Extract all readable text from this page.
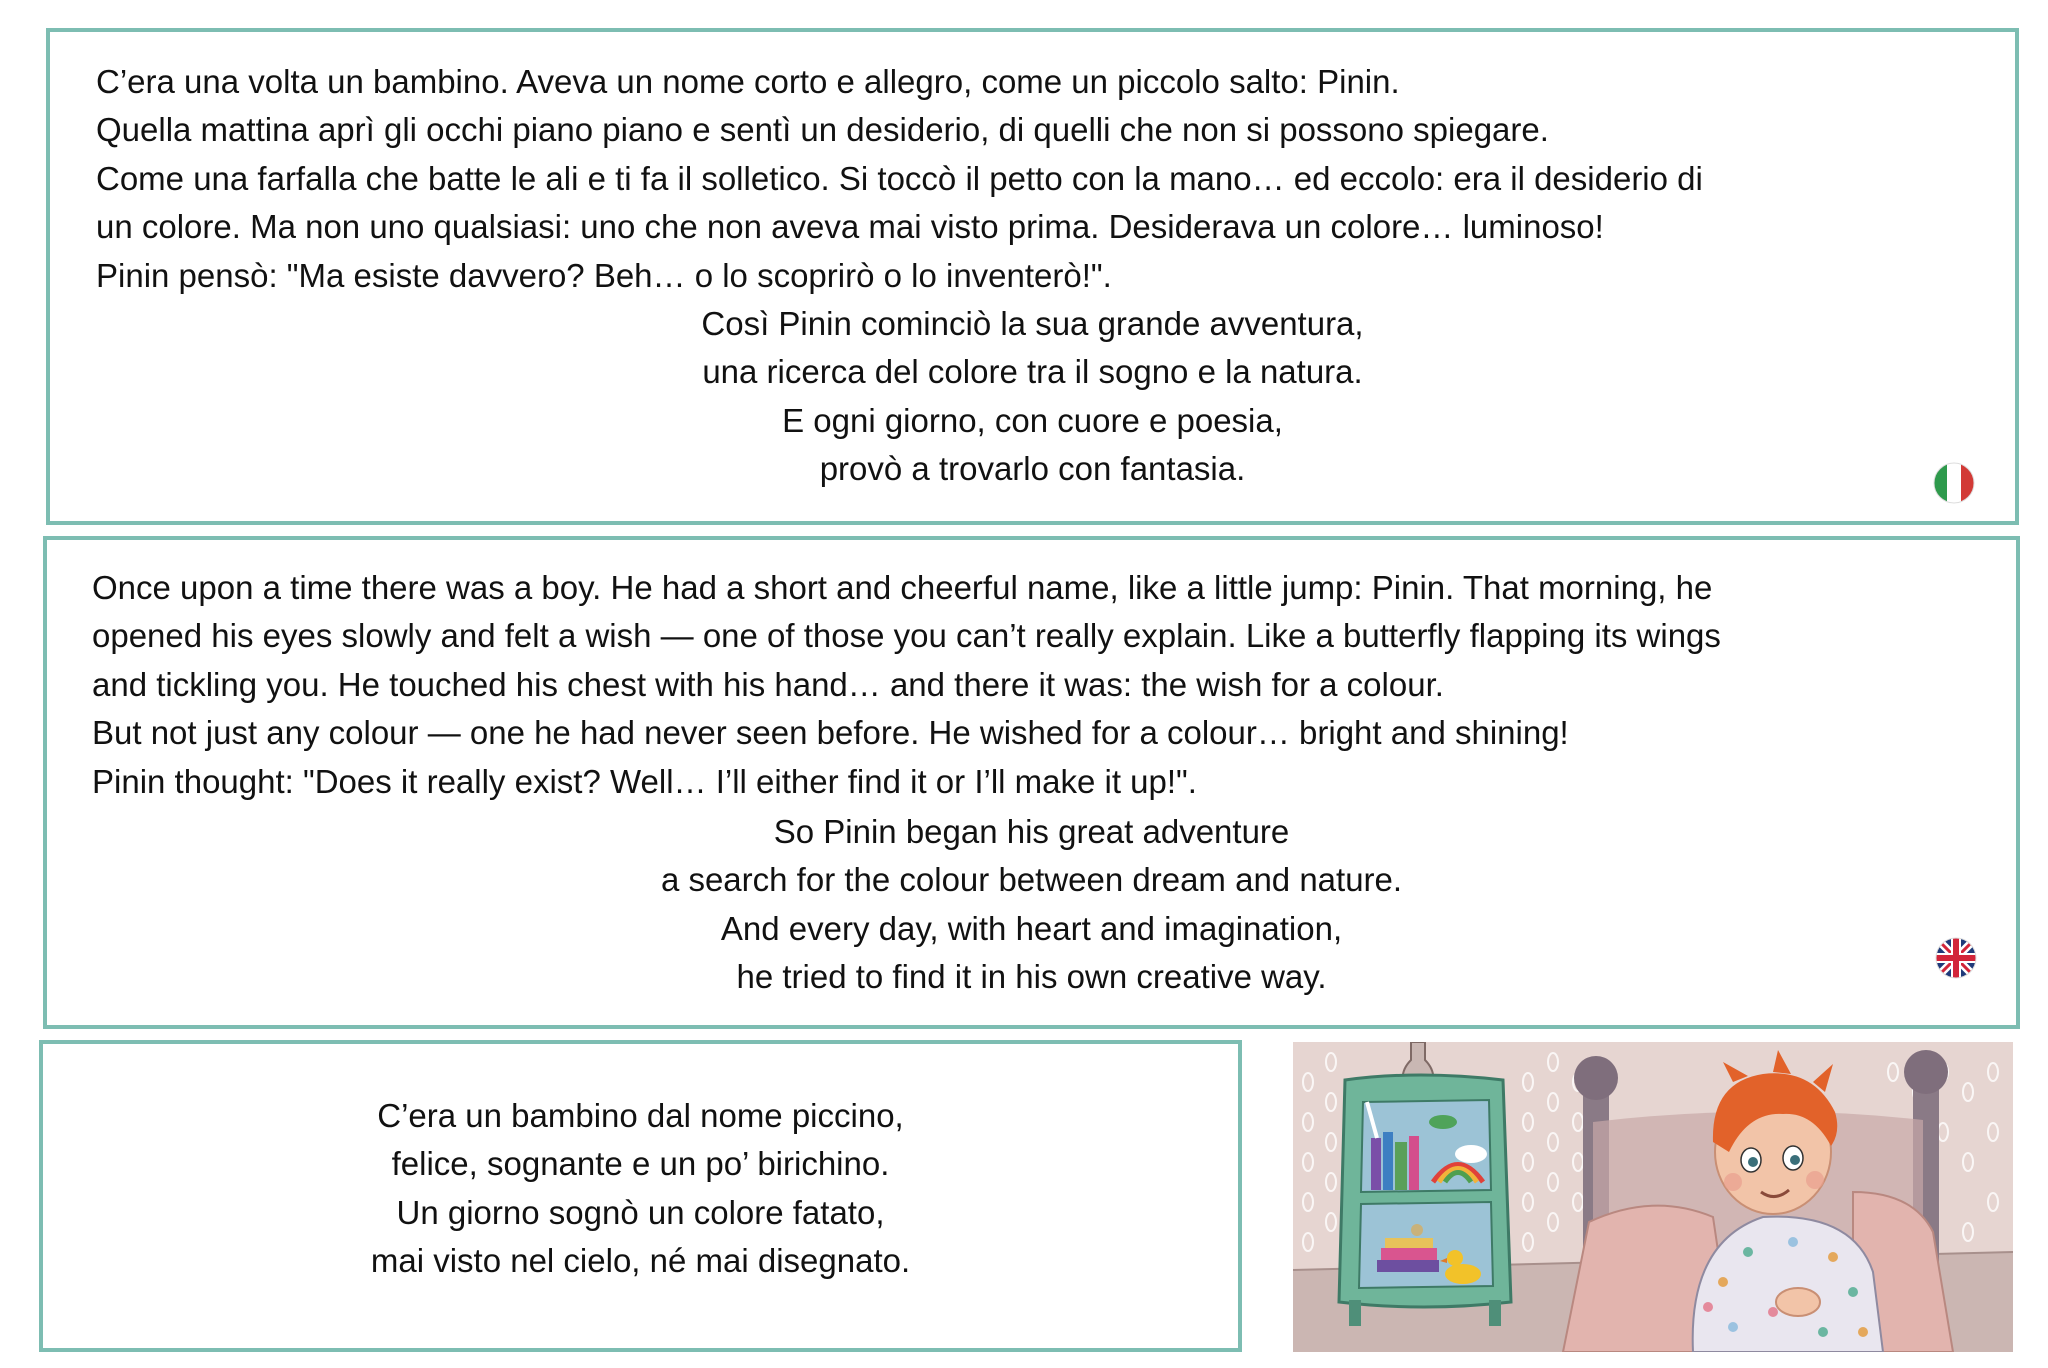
C’era una volta un bambino. Aveva un nome corto e allegro, come un piccolo salto: Pinin.
Quella mattina aprì gli occhi piano piano e sentì un desiderio, di quelli che non si possono spiegare.
Come una farfalla che batte le ali e ti fa il solletico. Si toccò il petto con la mano… ed eccolo: era il desiderio di
un colore. Ma non uno qualsiasi: uno che non aveva mai visto prima. Desiderava un colore… luminoso!
Pinin pensò: "Ma esiste davvero? Beh… o lo scoprirò o lo inventerò!".
Così Pinin cominciò la sua grande avventura,
una ricerca del colore tra il sogno e la natura.
E ogni giorno, con cuore e poesia,
provò a trovarlo con fantasia.
Once upon a time there was a boy. He had a short and cheerful name, like a little jump: Pinin. That morning, he
opened his eyes slowly and felt a wish — one of those you can’t really explain. Like a butterfly flapping its wings
and tickling you. He touched his chest with his hand… and there it was: the wish for a colour.
But not just any colour — one he had never seen before. He wished for a colour… bright and shining!
Pinin thought: "Does it really exist? Well… I’ll either find it or I’ll make it up!".
So Pinin began his great adventure
a search for the colour between dream and nature.
And every day, with heart and imagination,
he tried to find it in his own creative way.
C’era un bambino dal nome piccino,
felice, sognante e un po’ birichino.
Un giorno sognò un colore fatato,
mai visto nel cielo, né mai disegnato.
